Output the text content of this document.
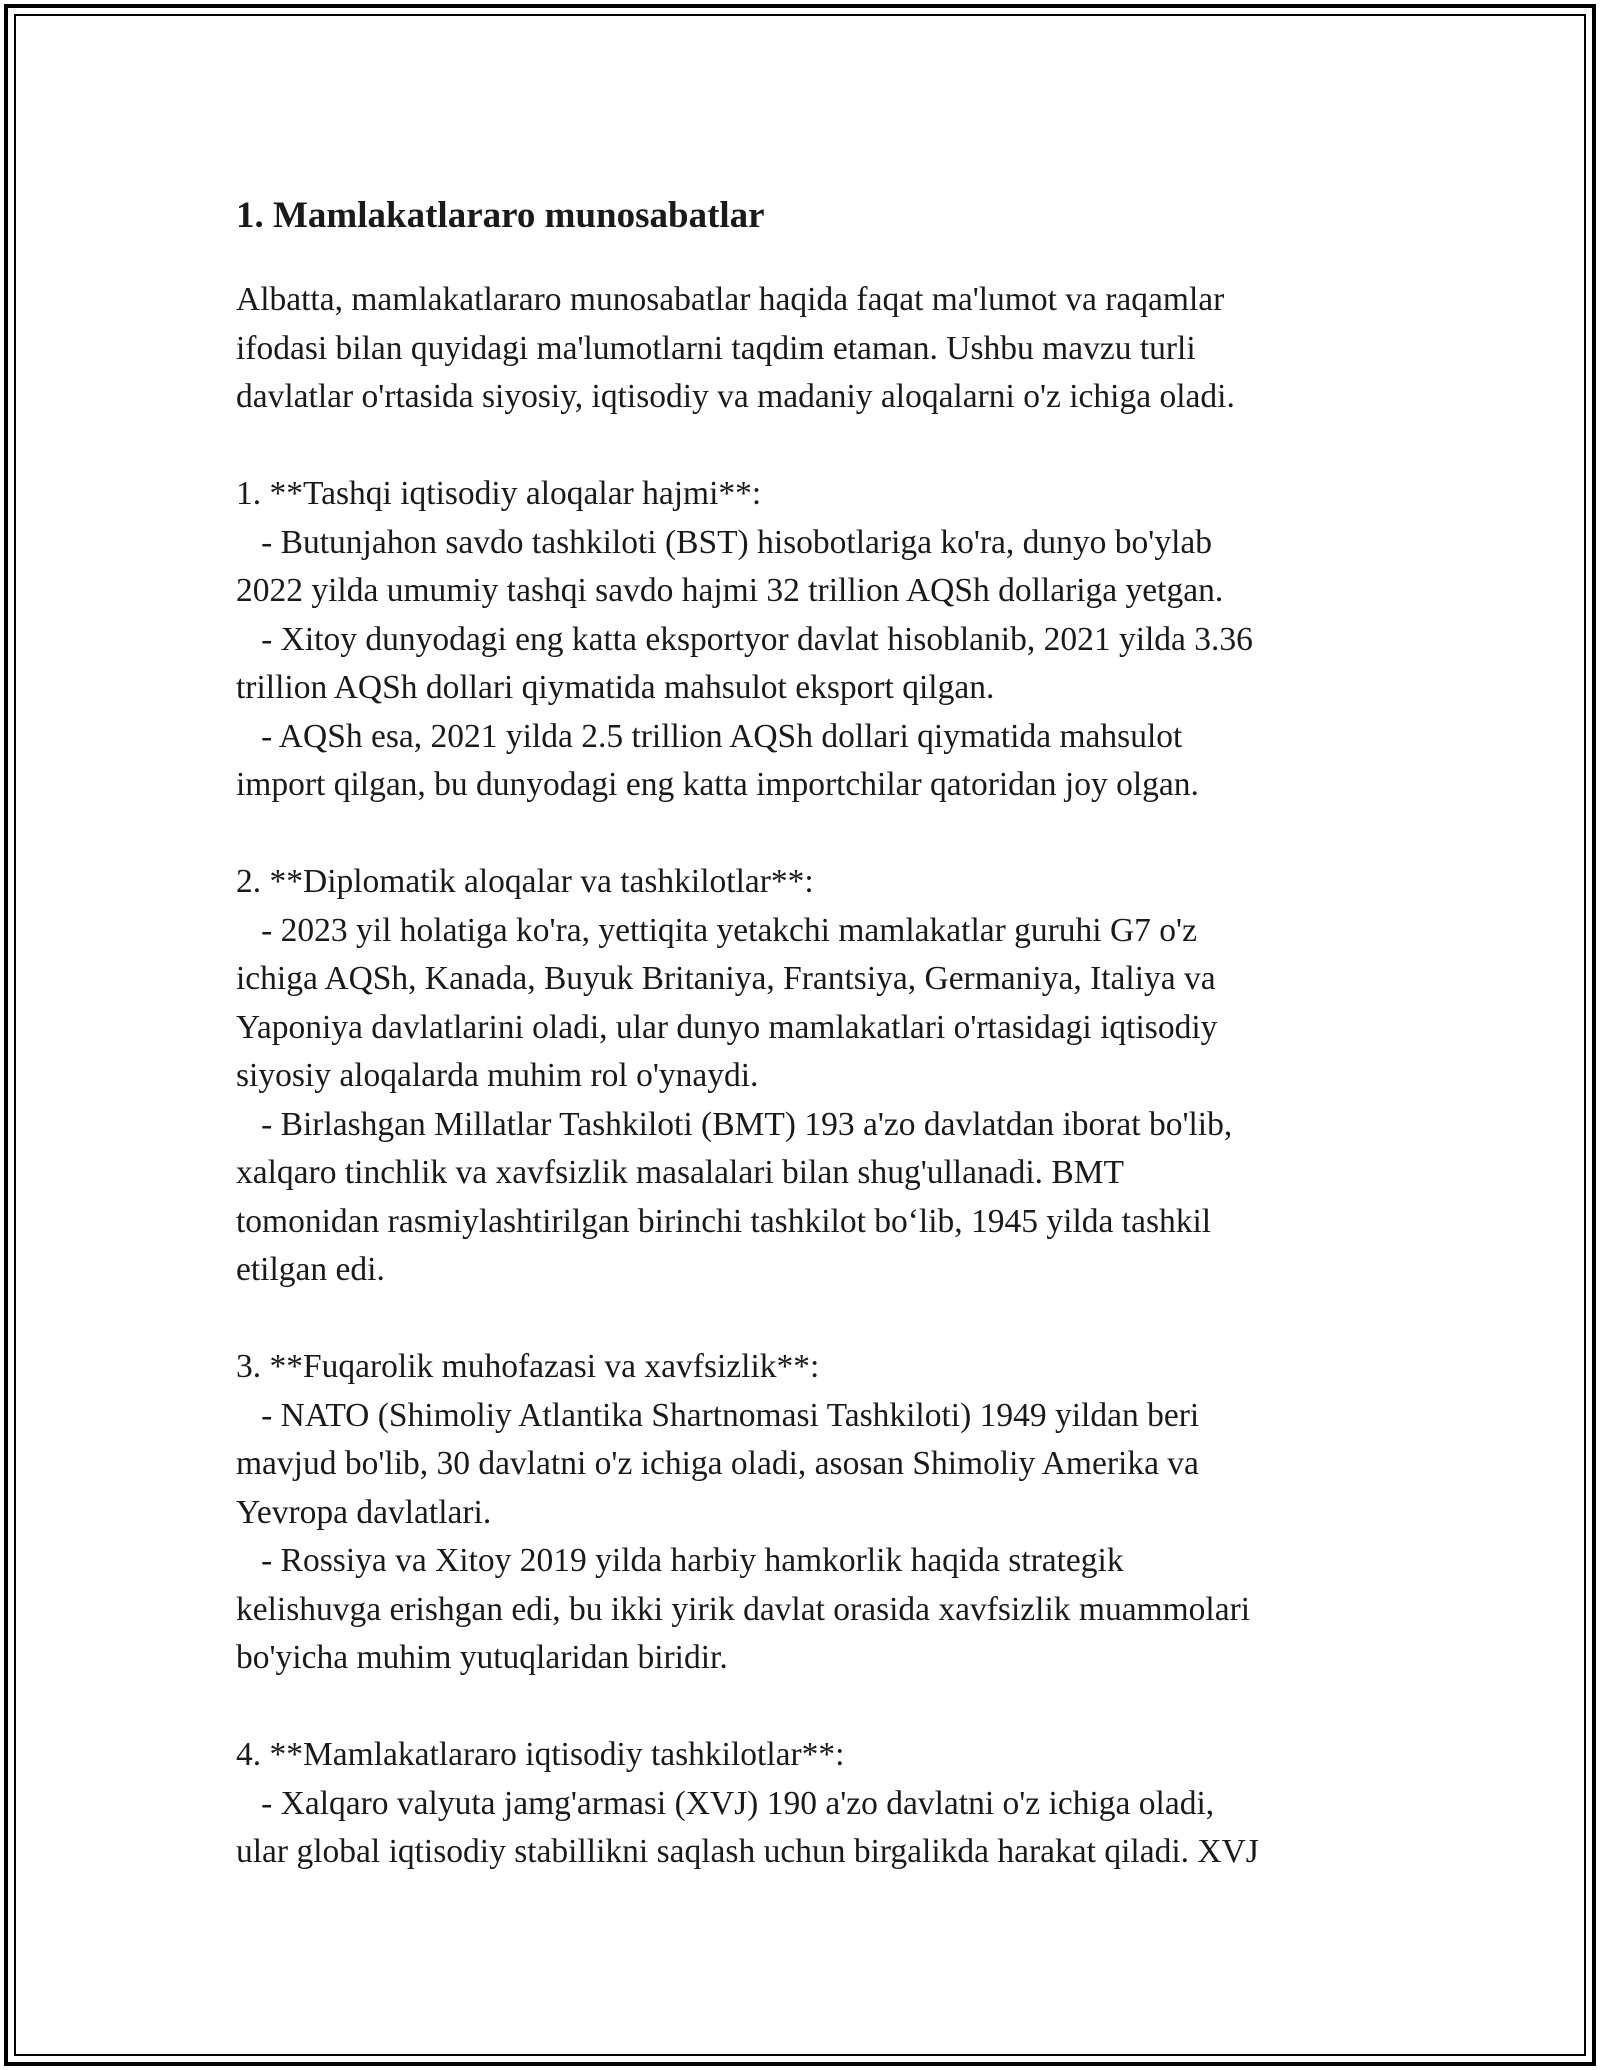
1. Mamlakatlararo munosabatlar

Albatta, mamlakatlararo munosabatlar haqida faqat ma'lumot va raqamlar
ifodasi bilan quyidagi ma'lumotlarni taqdim etaman. Ushbu mavzu turli
davlatlar o'rtasida siyosiy, iqtisodiy va madaniy aloqalarni o'z ichiga oladi.

1. **Tashqi iqtisodiy aloqalar hajmi**:
- Butunjahon savdo tashkiloti (BST) hisobotlariga ko'ra, dunyo bo'ylab
2022 yilda umumiy tashqi savdo hajmi 32 trillion AQSh dollariga yetgan.
- Xitoy dunyodagi eng katta eksportyor davlat hisoblanib, 2021 yilda 3.36
trillion AQSh dollari qiymatida mahsulot eksport qilgan.
- AQSh esa, 2021 yilda 2.5 trillion AQSh dollari qiymatida mahsulot
import qilgan, bu dunyodagi eng katta importchilar qatoridan joy olgan.

2. **Diplomatik aloqalar va tashkilotlar**:
- 2023 yil holatiga ko'ra, yettiqita yetakchi mamlakatlar guruhi G7 o'z
ichiga AQSh, Kanada, Buyuk Britaniya, Frantsiya, Germaniya, Italiya va
Yaponiya davlatlarini oladi, ular dunyo mamlakatlari o'rtasidagi iqtisodiy
siyosiy aloqalarda muhim rol o'ynaydi.
- Birlashgan Millatlar Tashkiloti (BMT) 193 a'zo davlatdan iborat bo'lib,
xalqaro tinchlik va xavfsizlik masalalari bilan shug'ullanadi. BMT
tomonidan rasmiylashtirilgan birinchi tashkilot bo‘lib, 1945 yilda tashkil
etilgan edi.

3. **Fuqarolik muhofazasi va xavfsizlik**:
- NATO (Shimoliy Atlantika Shartnomasi Tashkiloti) 1949 yildan beri
mavjud bo'lib, 30 davlatni o'z ichiga oladi, asosan Shimoliy Amerika va
Yevropa davlatlari.
- Rossiya va Xitoy 2019 yilda harbiy hamkorlik haqida strategik
kelishuvga erishgan edi, bu ikki yirik davlat orasida xavfsizlik muammolari
bo'yicha muhim yutuqlaridan biridir.

4. **Mamlakatlararo iqtisodiy tashkilotlar**:
- Xalqaro valyuta jamg'armasi (XVJ) 190 a'zo davlatni o'z ichiga oladi,
ular global iqtisodiy stabillikni saqlash uchun birgalikda harakat qiladi. XVJ
